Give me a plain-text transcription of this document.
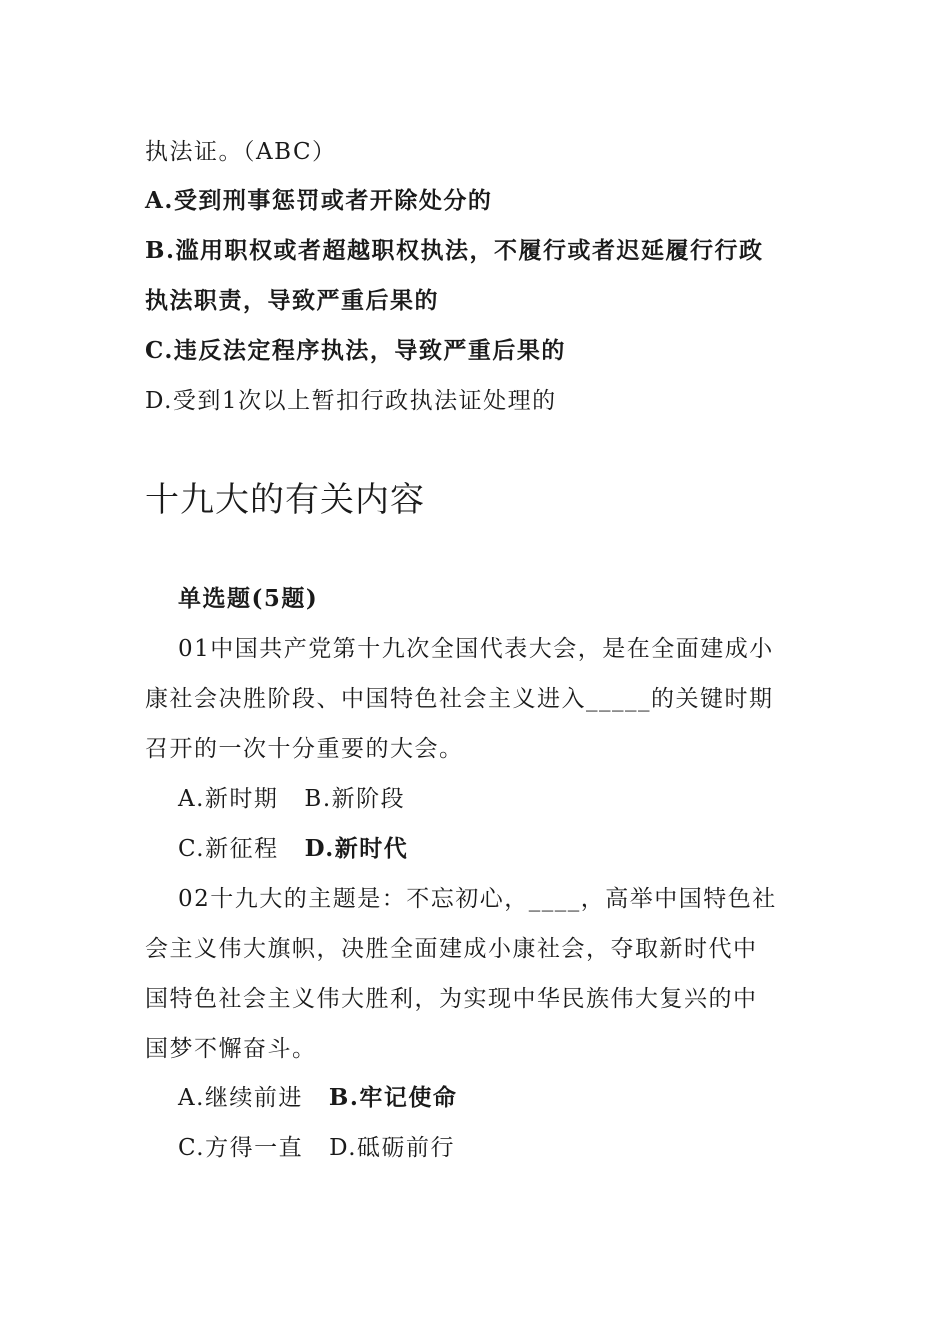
执法证。（ABC）
A.受到刑事惩罚或者开除处分的
B.滥用职权或者超越职权执法，不履行或者迟延履行行政
执法职责，导致严重后果的
C.违反法定程序执法，导致严重后果的
D.受到1次以上暂扣行政执法证处理的
十九大的有关内容
单选题(5题)
01中国共产党第十九次全国代表大会，是在全面建成小
康社会决胜阶段、中国特色社会主义进入_____的关键时期
召开的一次十分重要的大会。
A.新时期 B.新阶段
C.新征程 D.新时代
02十九大的主题是：不忘初心，____，高举中国特色社
会主义伟大旗帜，决胜全面建成小康社会，夺取新时代中
国特色社会主义伟大胜利，为实现中华民族伟大复兴的中
国梦不懈奋斗。
A.继续前进 B.牢记使命
C.方得一直 D.砥砺前行
